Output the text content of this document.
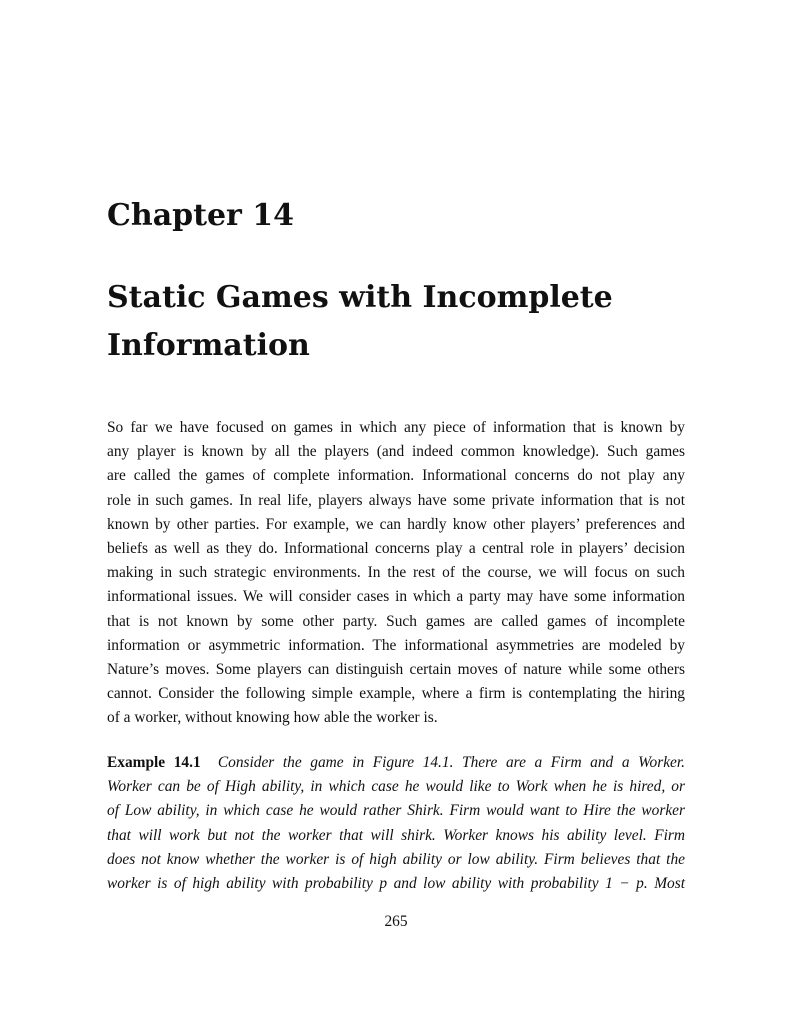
Chapter 14
Static Games with Incomplete
Information
So far we have focused on games in which any piece of information that is known by
any player is known by all the players (and indeed common knowledge). Such games
are called the games of complete information. Informational concerns do not play any
role in such games. In real life, players always have some private information that is not
known by other parties. For example, we can hardly know other players’ preferences and
beliefs as well as they do. Informational concerns play a central role in players’ decision
making in such strategic environments. In the rest of the course, we will focus on such
informational issues. We will consider cases in which a party may have some information
that is not known by some other party. Such games are called games of incomplete
information or asymmetric information. The informational asymmetries are modeled by
Nature’s moves. Some players can distinguish certain moves of nature while some others
cannot. Consider the following simple example, where a firm is contemplating the hiring
of a worker, without knowing how able the worker is.
Example 14.1 Consider the game in Figure 14.1. There are a Firm and a Worker.
Worker can be of High ability, in which case he would like to Work when he is hired, or
of Low ability, in which case he would rather Shirk. Firm would want to Hire the worker
that will work but not the worker that will shirk. Worker knows his ability level. Firm
does not know whether the worker is of high ability or low ability. Firm believes that the
worker is of high ability with probability p and low ability with probability 1 − p. Most
265
